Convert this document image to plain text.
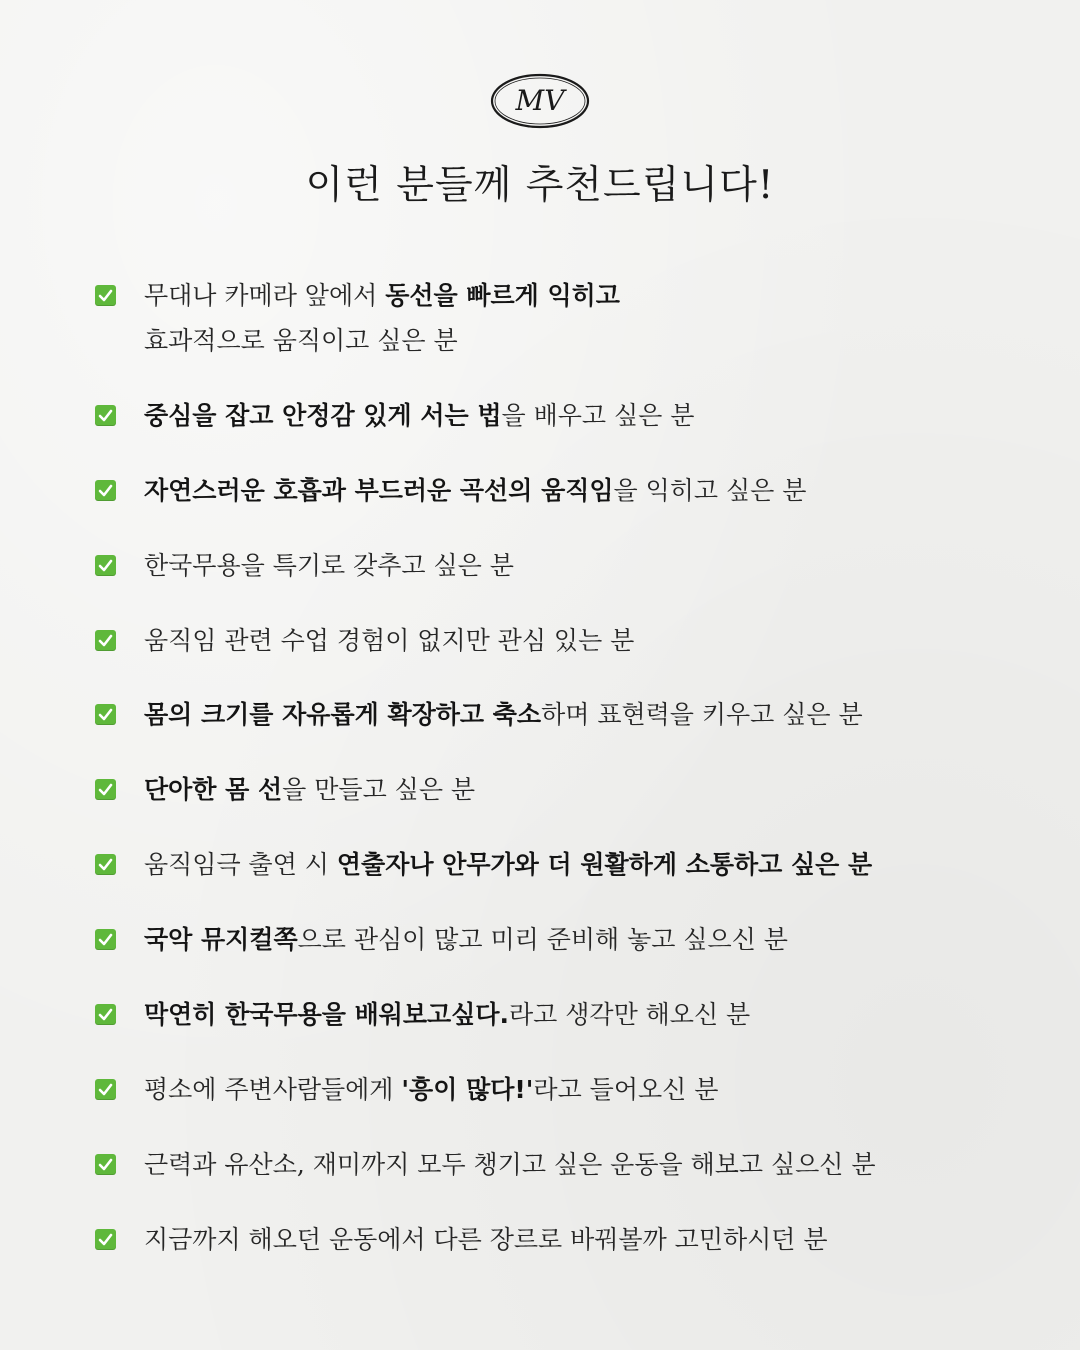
MV
이런 분들께 추천드립니다!
무대나 카메라 앞에서 동선을 빠르게 익히고
효과적으로 움직이고 싶은 분
중심을 잡고 안정감 있게 서는 법을 배우고 싶은 분
자연스러운 호흡과 부드러운 곡선의 움직임을 익히고 싶은 분
한국무용을 특기로 갖추고 싶은 분
움직임 관련 수업 경험이 없지만 관심 있는 분
몸의 크기를 자유롭게 확장하고 축소하며 표현력을 키우고 싶은 분
단아한 몸 선을 만들고 싶은 분
움직임극 출연 시 연출자나 안무가와 더 원활하게 소통하고 싶은 분
국악 뮤지컬쪽으로 관심이 많고 미리 준비해 놓고 싶으신 분
막연히 한국무용을 배워보고싶다.라고 생각만 해오신 분
평소에 주변사람들에게 '흥이 많다!'라고 들어오신 분
근력과 유산소, 재미까지 모두 챙기고 싶은 운동을 해보고 싶으신 분
지금까지 해오던 운동에서 다른 장르로 바꿔볼까 고민하시던 분
